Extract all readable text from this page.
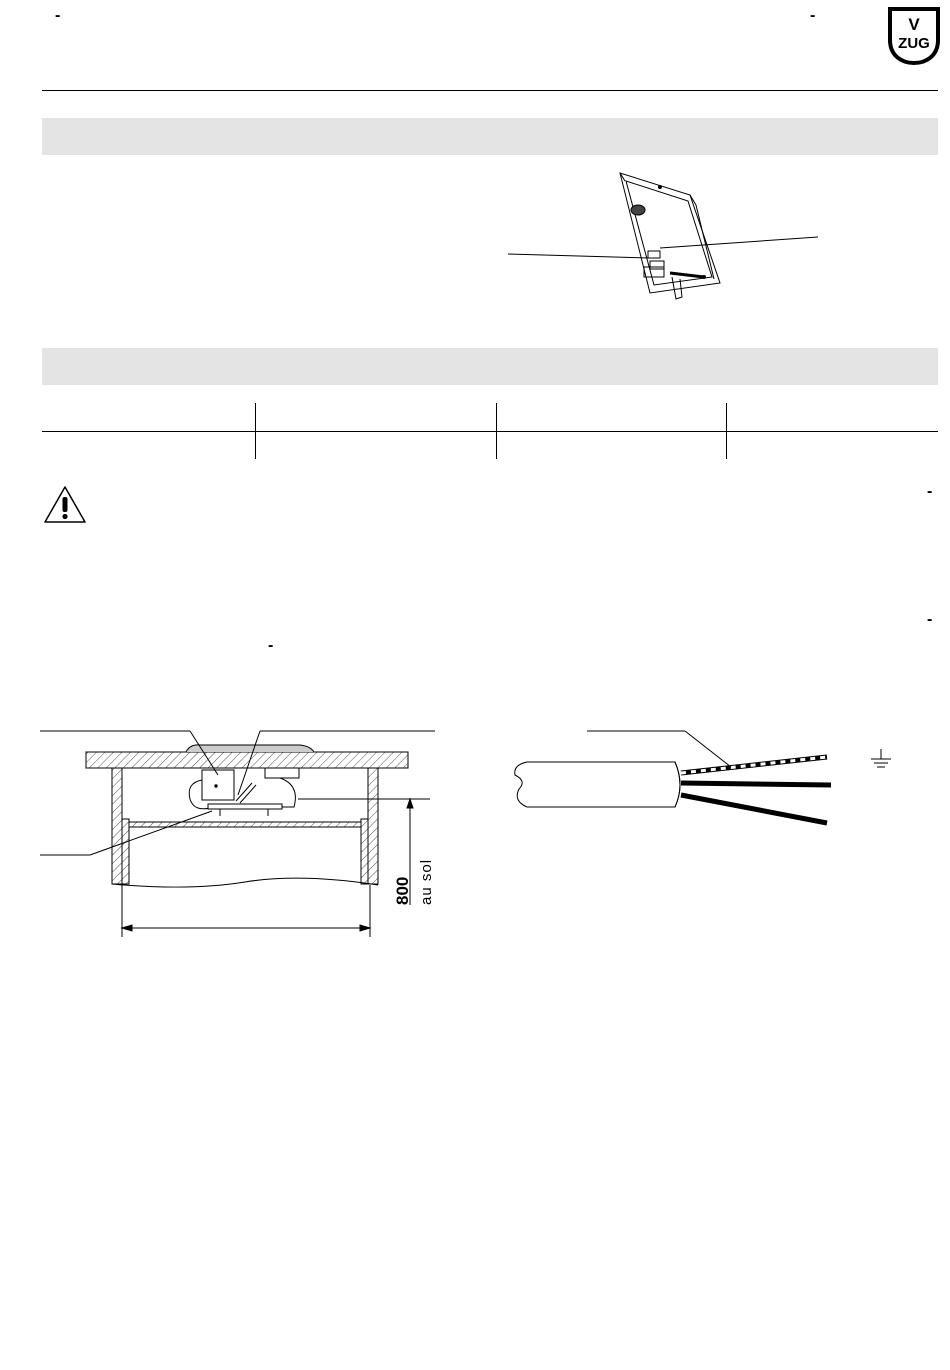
-	-	V
ZUG
-
-
-
800 au sol
